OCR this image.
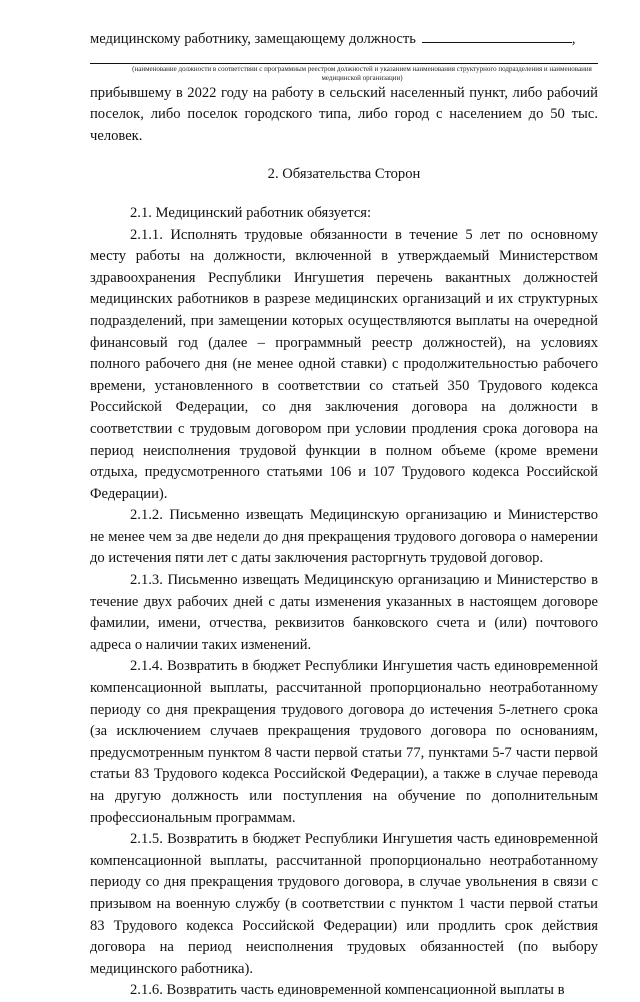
медицинскому работнику, замещающему должность	,
(наименование должности в соответствии с программным реестром должностей и указанием наименования структурного подразделения и наименования медицинской организации)

прибывшему в 2022 году на работу в сельский населенный пункт, либо рабочий поселок, либо поселок городского типа, либо город с населением до 50 тыс. человек.

2. Обязательства Сторон

2.1. Медицинский работник обязуется:

2.1.1. Исполнять трудовые обязанности в течение 5 лет по основному месту работы на должности, включенной в утверждаемый Министерством здравоохранения Республики Ингушетия перечень вакантных должностей медицинских работников в разрезе медицинских организаций и их структурных подразделений, при замещении которых осуществляются выплаты на очередной финансовый год (далее – программный реестр должностей), на условиях полного рабочего дня (не менее одной ставки) с продолжительностью рабочего времени, установленного в соответствии со статьей 350 Трудового кодекса Российской Федерации, со дня заключения договора на должности в соответствии с трудовым договором при условии продления срока договора на период неисполнения трудовой функции в полном объеме (кроме времени отдыха, предусмотренного статьями 106 и 107 Трудового кодекса Российской Федерации).

2.1.2. Письменно извещать Медицинскую организацию и Министерство не менее чем за две недели до дня прекращения трудового договора о намерении до истечения пяти лет с даты заключения расторгнуть трудовой договор.

2.1.3. Письменно извещать Медицинскую организацию и Министерство в течение двух рабочих дней с даты изменения указанных в настоящем договоре фамилии, имени, отчества, реквизитов банковского счета и (или) почтового адреса о наличии таких изменений.

2.1.4. Возвратить в бюджет Республики Ингушетия часть единовременной компенсационной выплаты, рассчитанной пропорционально неотработанному периоду со дня прекращения трудового договора до истечения 5-летнего срока (за исключением случаев прекращения трудового договора по основаниям, предусмотренным пунктом 8 части первой статьи 77, пунктами 5-7 части первой статьи 83 Трудового кодекса Российской Федерации), а также в случае перевода на другую должность или поступления на обучение по дополнительным профессиональным программам.

2.1.5. Возвратить в бюджет Республики Ингушетия часть единовременной компенсационной выплаты, рассчитанной пропорционально неотработанному периоду со дня прекращения трудового договора, в случае увольнения в связи с призывом на военную службу (в соответствии с пунктом 1 части первой статьи 83 Трудового кодекса Российской Федерации) или продлить срок действия договора на период неисполнения трудовых обязанностей (по выбору медицинского работника).

2.1.6. Возвратить часть единовременной компенсационной выплаты в
